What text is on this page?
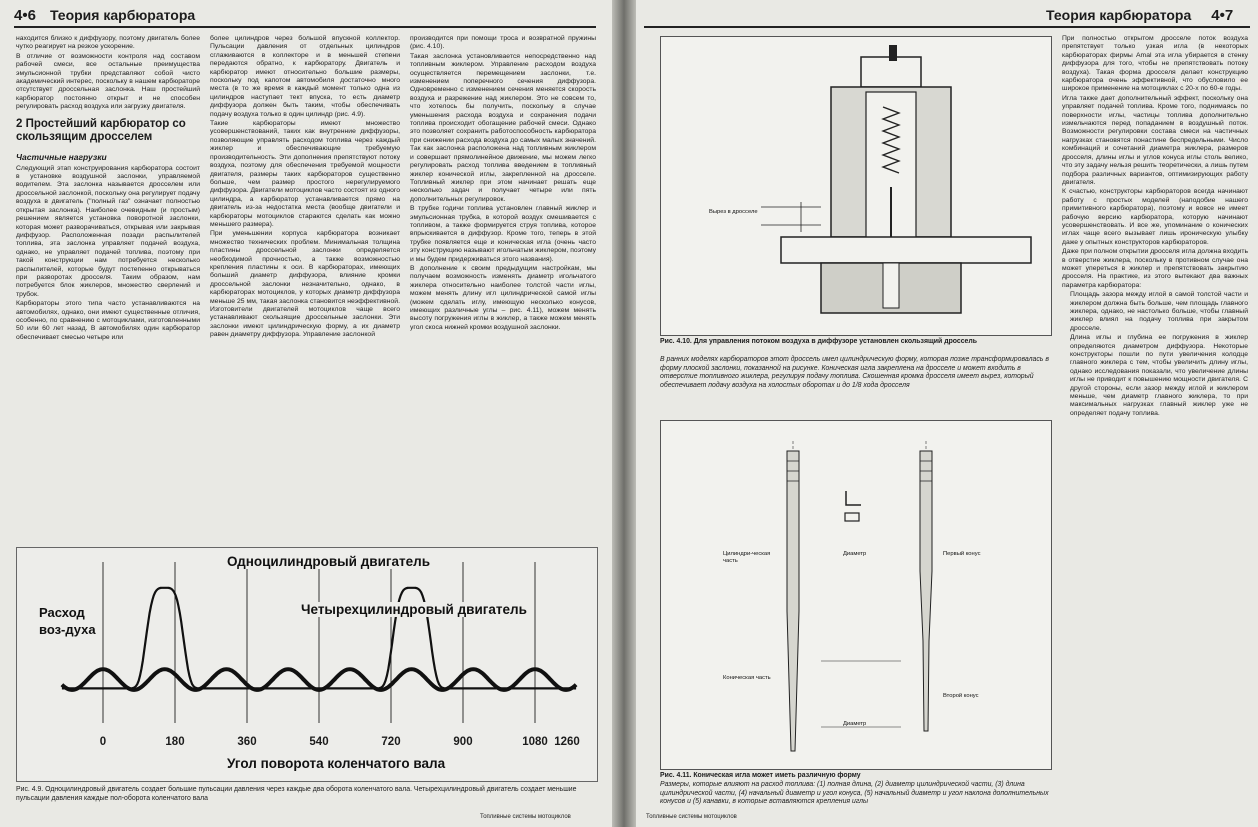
4•6 Теория карбюратора

находится близко к диффузору, поэтому двигатель более чутко реагирует на резкое ускорение.

В отличие от возможности контроля над составом рабочей смеси, все остальные преимущества эмульсионной трубки представляют собой чисто академический интерес, поскольку в нашем карбюраторе отсутствует дроссельная заслонка. Наш простейший карбюратор постоянно открыт и не способен регулировать расход воздуха или загрузку двигателя.

2 Простейший карбюратор со скользящим дросселем
Частичные нагрузки

Следующий этап конструирования карбюратора состоит в установке воздушной заслонки, управляемой водителем. Эта заслонка называется дросселем или дроссельной заслонкой, поскольку она регулирует подачу воздуха в двигатель ("полный газ" означает полностью открытая заслонка). Наиболее очевидным (и простым) решением является установка поворотной заслонки, которая может разворачиваться, открывая или закрывая диффузор. Расположенная позади распылителей топлива, эта заслонка управляет подачей воздуха, однако, не управляет подачей топлива, поэтому при такой конструкции нам потребуется несколько распылителей, которые будут постепенно открываться при разворотах дросселя. Таким образом, нам потребуется блок жиклеров, множество сверлений и трубок.

Карбюраторы этого типа часто устанавливаются на автомобилях, однако, они имеют существенные отличия, особенно, по сравнению с мотоциклами, изготовленными 50 или 60 лет назад. В автомобилях один карбюратор обеспечивает смесью четыре или

более цилиндров через большой впускной коллектор. Пульсации давления от отдельных цилиндров сглаживаются в коллекторе и в меньшей степени передаются обратно, к карбюратору. Двигатель и карбюратор имеют относительно большие размеры, поскольку под капотом автомобиля достаточно много места (в то же время в каждый момент только одна из цилиндров наступает тект впуска, то есть диаметр диффузора должен быть таким, чтобы обеспечивать подачу воздуха только в один цилиндр (рис. 4.9).

Такие карбюраторы имеют множество усовершенствований, таких как внутренние диффузоры, позволяющие управлять расходом топлива через каждый жиклер и обеспечивающие требуемую производительность. Эти дополнения препятствуют потоку воздуха, поэтому для обеспечения требуемой мощности двигателя, размеры таких карбюраторов существенно больше, чем размер простого нерегулируемого диффузора. Двигатели мотоциклов часто состоят из одного цилиндра, а карбюратор устанавливается прямо на двигатель из-за недостатка места (вообще двигатели и карбюраторы мотоциклов стараются сделать как можно меньшего размера).

При уменьшении корпуса карбюратора возникает множество технических проблем. Минимальная толщина пластины дроссельной заслонки определяется необходимой прочностью, а также возможностью крепления пластины к оси. В карбюраторах, имеющих больший диаметр диффузора, влияние кромки дроссельной заслонки незначительно, однако, в карбюраторах мотоциклов, у которых диаметр диффузора меньше 25 мм, такая заслонка становится неэффективной. Изготовители двигателей мотоциклов чаще всего устанавливают скользящие дроссельные заслонки. Эти заслонки имеют цилиндрическую форму, а их диаметр равен диаметру диффузора. Управление заслонкой

производится при помощи троса и возвратной пружины (рис. 4.10).

Такая заслонка установливается непосредственно над топливным жиклером. Управление расходом воздуха осуществляется перемещением заслонки, т.е. изменением поперечного сечения диффузора. Одновременно с изменением сечения меняется скорость воздуха и разрежение над жиклером. Это не совсем то, что хотелось бы получить, поскольку в случае уменьшения расхода воздуха и сохранения подачи топлива происходит обогащение рабочей смеси. Однако это позволяет сохранить работоспособность карбюратора при снижении расхода воздуха до самых малых значений. Так как заслонка расположена над топливным жиклером и совершает прямолинейное движение, мы можем легко регулировать расход топлива введением в топливный жиклер конической иглы, закрепленной на дросселе. Топливный жиклер при этом начинает решать еще несколько задач и получает четыре или пять дополнительных регулировок.

В трубке годичи топлива установлен главный жиклер и эмульсионная трубка, в которой воздух смешивается с топливом, а также формируется струя топлива, которое впрыскивается в диффузор. Кроме того, теперь в этой трубке появляется еще и коническая игла (очень часто эту конструкцию называют игольчатым жиклером, поэтому и мы будем придерживаться этого названия).

В дополнение к своим предыдущим настройкам, мы получаем возможность изменять диаметр игольчатого жиклера относительно наиболее толстой части иглы, можем менять длину игл цилиндрической самой иглы (можем сделать иглу, имеющую несколько конусов, имеющих различные углы – рис. 4.11), можем менять высоту погружения иглы в жиклер, а также можем менять угол скоса нижней кромки воздушной заслонки.

Расход воз-духа
Одноцилиндровый двигатель
Четырехцилиндровый двигатель
0	180	360	540	720	900	1080 1260
Угол поворота коленчатого вала
Рис. 4.9. Одноцилиндровый двигатель создает большие пульсации давления через каждые два оборота коленчатого вала. Четырехцилиндровый двигатель создает меньшие пульсации давления каждые пол-оборота коленчатого вала
Топливные системы мотоциклов
Теория карбюратора 4•7
Вырез в дросселе
Рис. 4.10. Для управления потоком воздуха в диффузоре установлен скользящий дроссель
В ранних моделях карбюраторов этот дроссель имел цилиндрическую форму, которая позже трансформировалась в форму плоской заслонки, показанной на рисунке. Коническая игла закреплена на дросселе и может входить в отверстие топливного жиклера, регулируя подачу топлива. Скошенная кромка дросселя имеет вырез, который обеспечивает подачу воздуха на холостых оборотах и до 1/8 хода дросселя
Цилиндри-ческая часть
Диаметр	Первый конус
Коническая часть
Второй конус
Диаметр
Рис. 4.11. Коническая игла может иметь различную форму
Размеры, которые влияют на расход топлива: (1) полная длина, (2) диаметр цилиндрической части, (3) длина цилиндрической части, (4) начальный диаметр и угол конуса, (5) начальный диаметр и угол наклона дополнительных конусов и (5) канавки, в которые вставляются крепления иглы

При полностью открытом дросселе поток воздуха препятствует только узкая игла (в некоторых карбюраторах фирмы Amal эта игла убирается в стенку диффузора для того, чтобы не препятствовать потоку воздуха). Такая форма дросселя делает конструкцию карбюратора очень эффективной, что обусловило ее широкое применение на мотоциклах с 20-х по 60-е годы.

Игла также дает дополнительный эффект, поскольку она управляет подачей топлива. Кроме того, поднимаясь по поверхности иглы, частицы топлива дополнительно измельчаются перед попаданием в воздушный поток. Возможности регулировки состава смеси на частичных нагрузках становятся понастине беспредельными. Число комбинаций и сочетаний диаметра жиклера, размеров дросселя, длины иглы и углов конуса иглы столь велико, что эту задачу нельзя решить теоретически, а лишь путем подбора различных вариантов, оптимизирующих работу двигателя.

К счастью, конструкторы карбюраторов всегда начинают работу с простых моделей (наподобие нашего примитивного карбюратора), поэтому и вовсе не имеет рабочую версию карбюратора, которую начинают усовершенствовать. И все же, упоминание о конических иглах чаще всего вызывает лишь ироническую улыбку даже у опытных конструкторов карбюраторов.

Даже при полном открытии дросселя игла должна входить в отверстие жиклера, поскольку в противном случае она может упереться в жиклер и препятствовать закрытию дросселя. На практике, из этого вытекают два важных параметра карбюратора:

• Площадь зазора между иглой в самой толстой части и жиклером должна быть больше, чем площадь главного жиклера, однако, не настолько больше, чтобы главный жиклер влиял на подачу топлива при закрытом дросселе.
• Длина иглы и глубина ее погружения в жиклер определяются диаметром диффузора. Некоторые конструкторы пошли по пути увеличения колодце главного жиклера с тем, чтобы увеличить длину иглы, однако исследования показали, что увеличение длины иглы не приводит к повышению мощности двигателя. С другой стороны, если зазор между иглой и жиклером меньше, чем диаметр главного жиклера, то при максимальных нагрузках главный жиклер уже не определяет подачу топлива.
Топливные системы мотоциклов
